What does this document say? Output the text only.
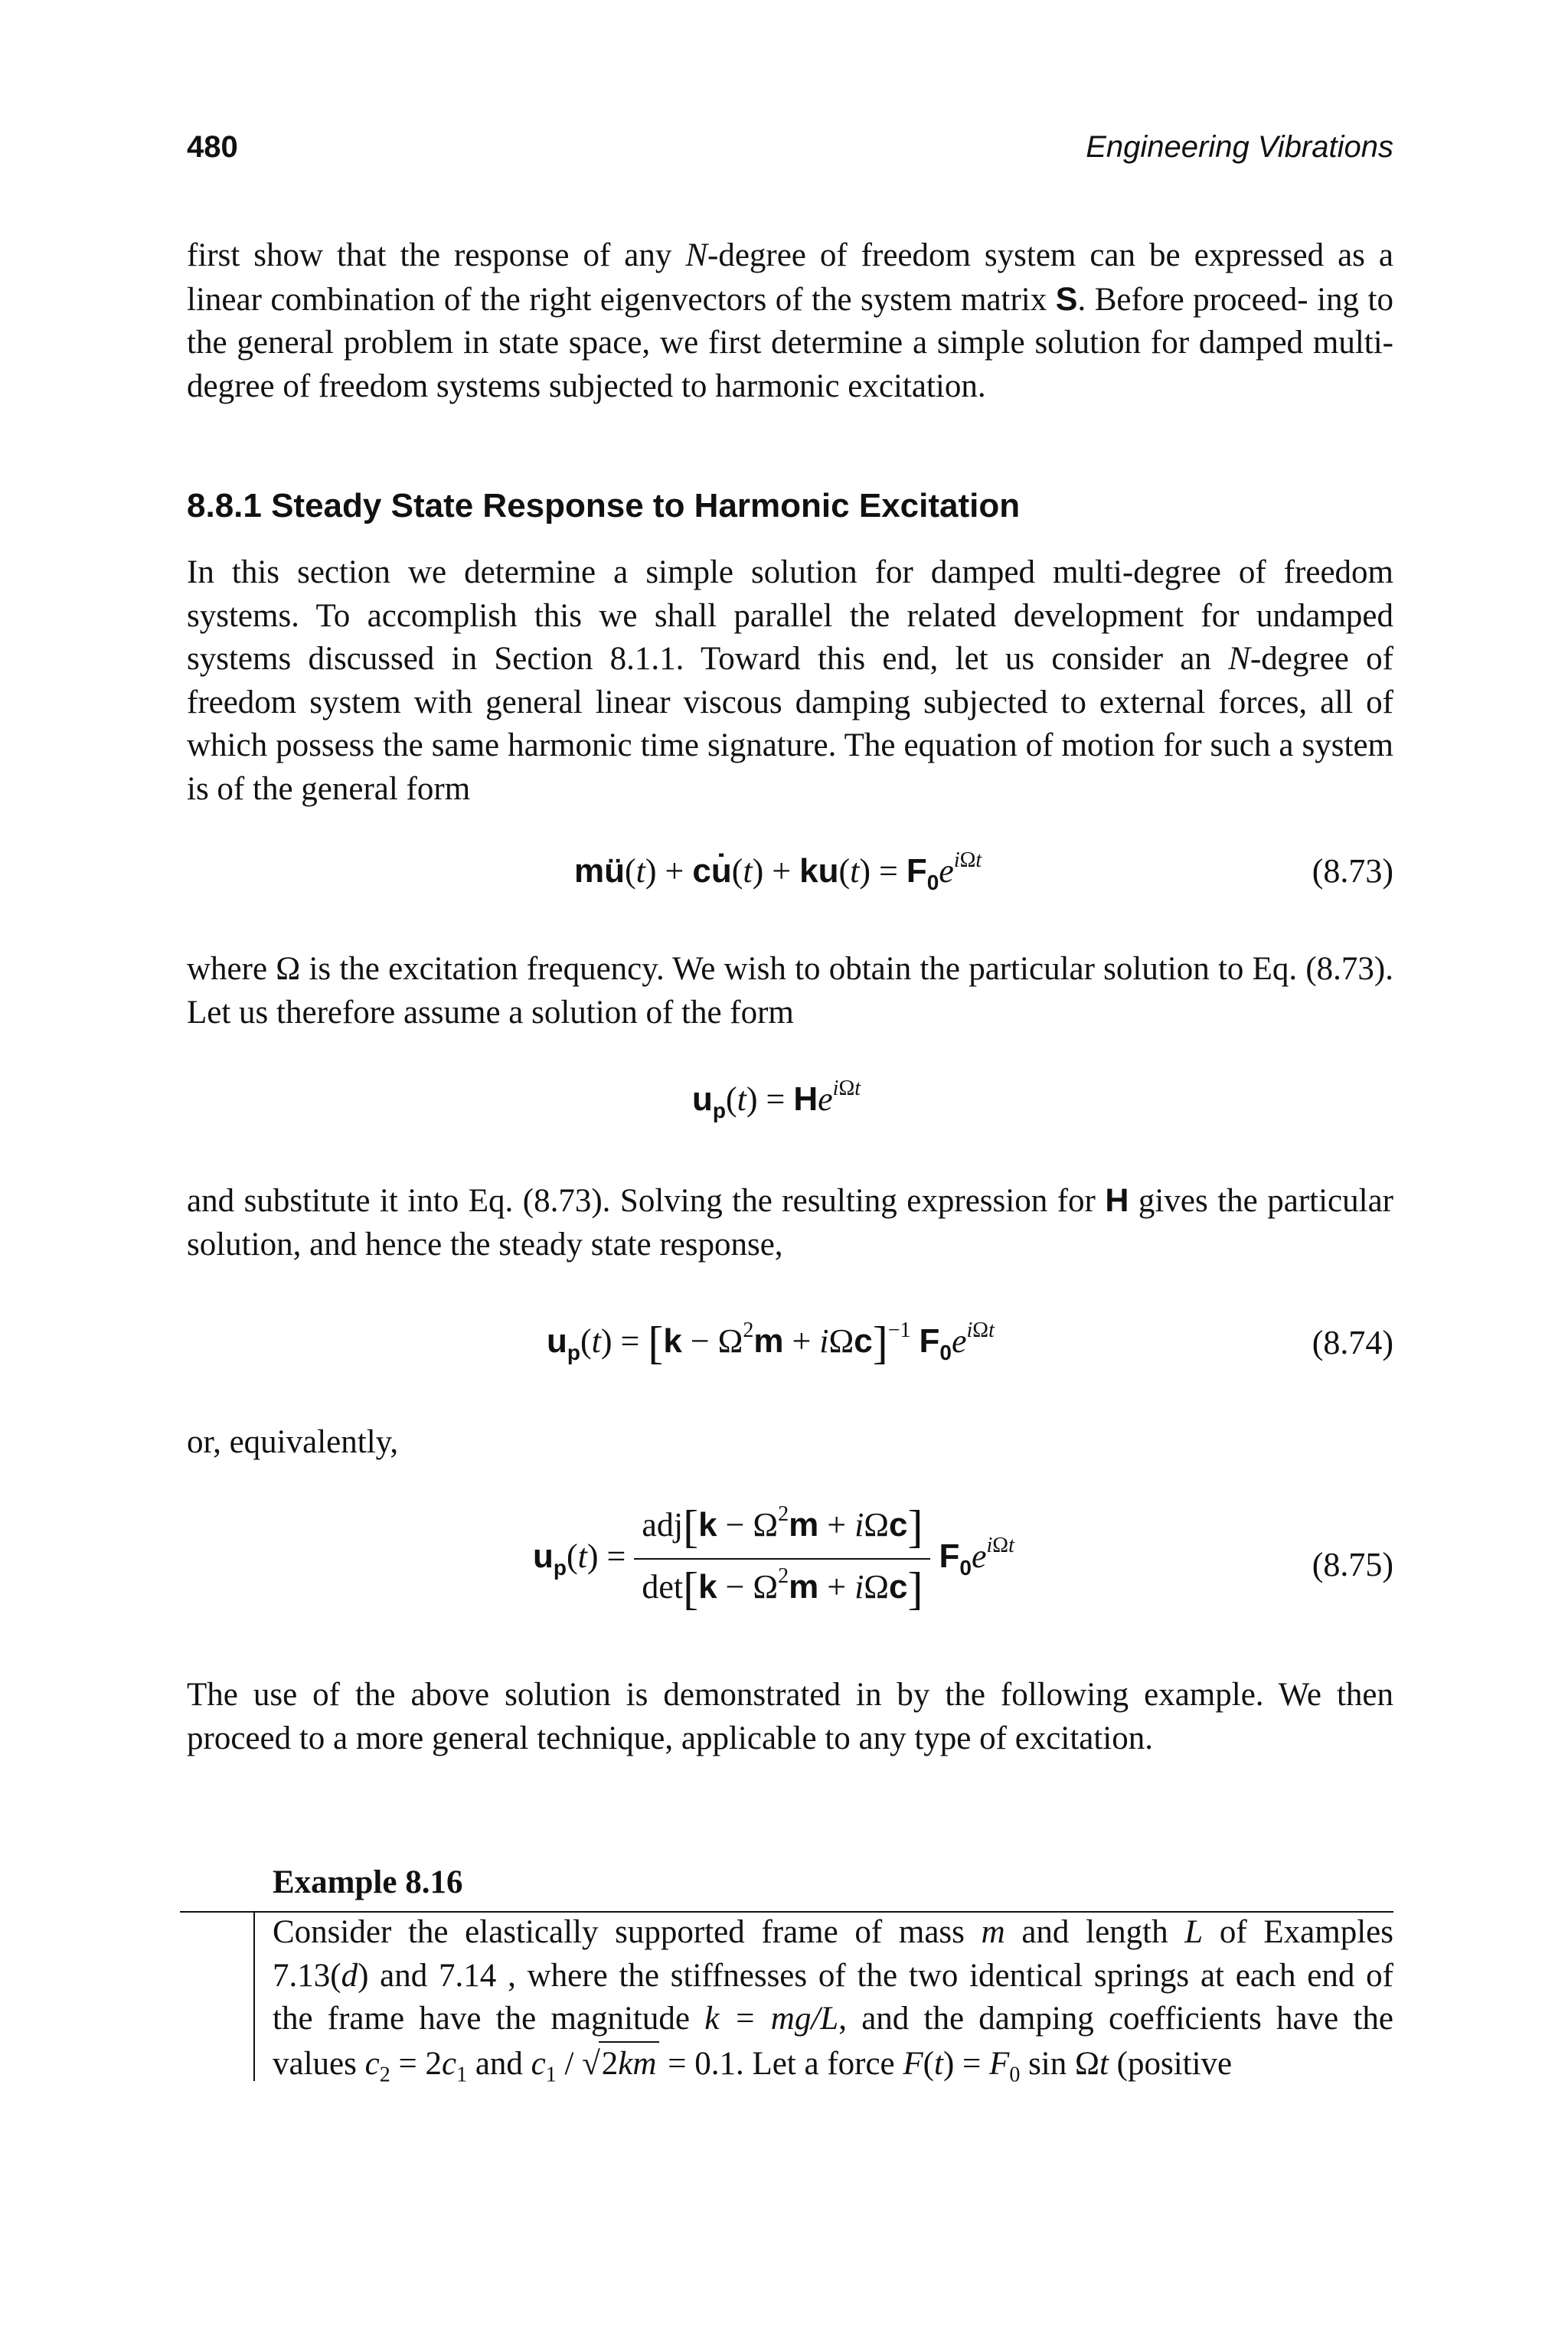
480	Engineering Vibrations

first show that the response of any N-degree of freedom system can be expressed as a linear combination of the right eigenvectors of the system matrix S. Before proceed- ing to the general problem in state space, we first determine a simple solution for damped multi-degree of freedom systems subjected to harmonic excitation.

8.8.1 Steady State Response to Harmonic Excitation

In this section we determine a simple solution for damped multi-degree of freedom systems. To accomplish this we shall parallel the related development for undamped systems discussed in Section 8.1.1. Toward this end, let us consider an N-degree of freedom system with general linear viscous damping subjected to external forces, all of which possess the same harmonic time signature. The equation of motion for such a system is of the general form

mü(t) + cu̇(t) + $ku(t) = F_0e^{i\Omega t}$	(8.73)

where Ω is the excitation frequency. We wish to obtain the particular solution to Eq. (8.73). Let us therefore assume a solution of the form

$u_p(t) = He^{i\Omega t}$

and substitute it into Eq. (8.73). Solving the resulting expression for H gives the particular solution, and hence the steady state response,

$u_p(t) = [k - \Omega^2m + i\Omega c]^{-1}$ $F_0e^{i\Omega t}$	(8.74)

or, equivalently,

$u_p(t) = \frac{adj[k - \Omega^2m + i\Omega c]}{\det[k - \Omega^2m + i\Omega c]} F_0e^{i\Omega t}$
(8.75)

The use of the above solution is demonstrated in by the following example. We then proceed to a more general technique, applicable to any type of excitation.

Example 8.16

Consider the elastically supported frame of mass m and length L of Examples 7.13(d) and 7.14 , where the stiffnesses of the two identical springs at each end of the frame have the magnitude k = mg/L, and the damping coefficients have the values $c_2 = 2c_1$ and $c_1 / √2km = 0.1$. Let a force $F(t) = F_0$ sin Ωt (positive
